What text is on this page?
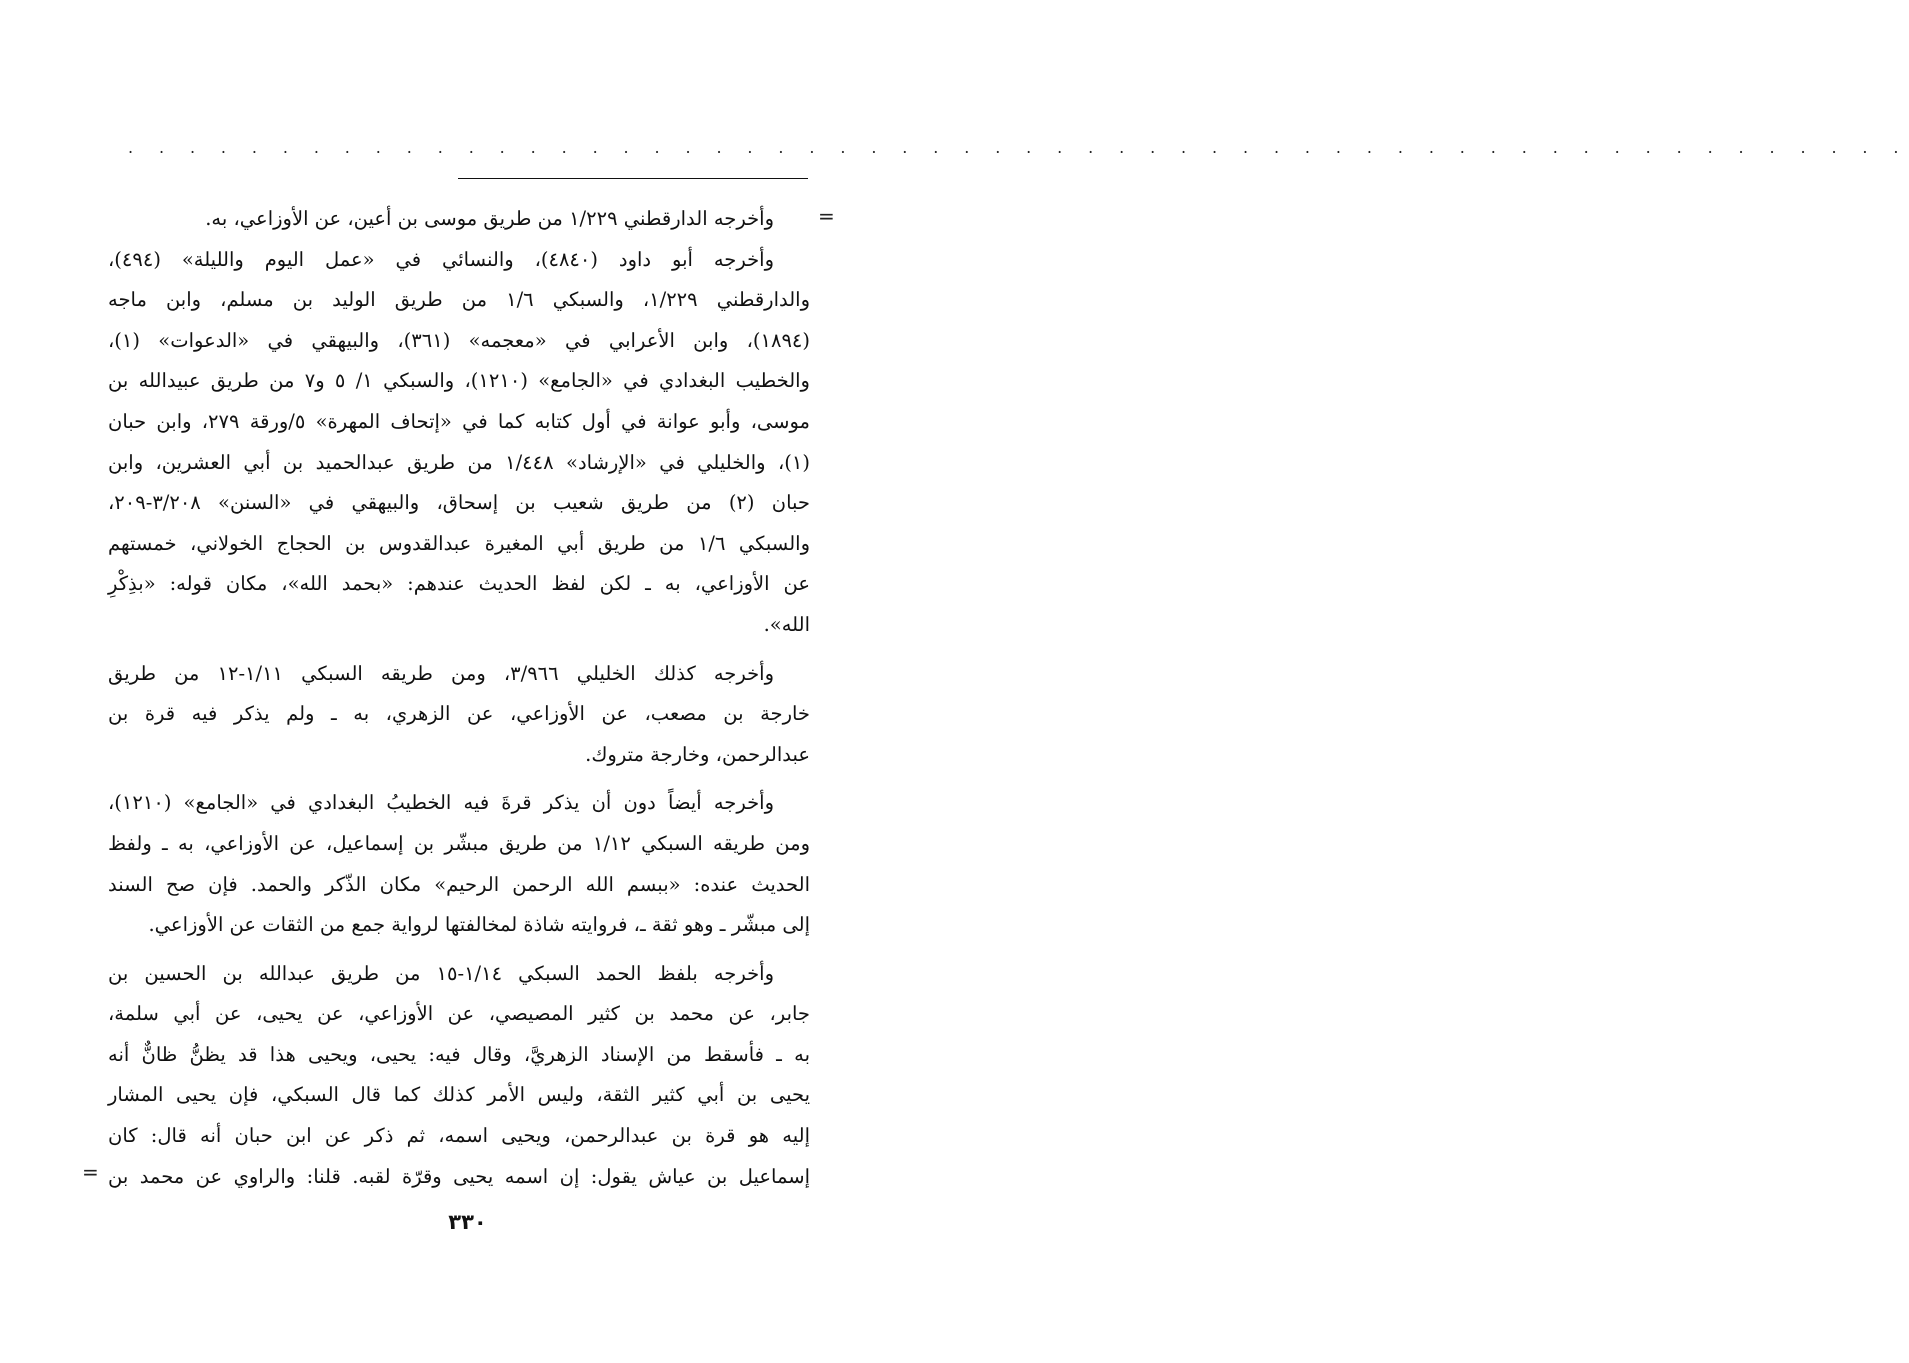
. . . . . . . . . . . . . . . . . . . . . . . . . . . . . . . . . . . . . . . . . . . . . . . . . . . . . . . . . .
=
وأخرجه الدارقطني ١/٢٢٩ من طريق موسى بن أعين، عن الأوزاعي، به.
وأخرجه أبو داود (٤٨٤٠)، والنسائي في «عمل اليوم والليلة» (٤٩٤)،
والدارقطني ١/٢٢٩، والسبكي ١/٦ من طريق الوليد بن مسلم، وابن ماجه
(١٨٩٤)، وابن الأعرابي في «معجمه» (٣٦١)، والبيهقي في «الدعوات» (١)،
والخطيب البغدادي في «الجامع» (١٢١٠)، والسبكي ١/ ٥ و٧ من طريق عبيدالله بن
موسى، وأبو عوانة في أول كتابه كما في «إتحاف المهرة» ٥/ورقة ٢٧٩، وابن حبان
(١)، والخليلي في «الإرشاد» ١/٤٤٨ من طريق عبدالحميد بن أبي العشرين، وابن
حبان (٢) من طريق شعيب بن إسحاق، والبيهقي في «السنن» ٣/٢٠٨-٢٠٩،
والسبكي ١/٦ من طريق أبي المغيرة عبدالقدوس بن الحجاج الخولاني، خمستهم
عن الأوزاعي، به ـ لكن لفظ الحديث عندهم: «بحمد الله»، مكان قوله: «بذِكْرِ
الله».
وأخرجه كذلك الخليلي ٣/٩٦٦، ومن طريقه السبكي ١/١١-١٢ من طريق
خارجة بن مصعب، عن الأوزاعي، عن الزهري، به ـ ولم يذكر فيه قرة بن
عبدالرحمن، وخارجة متروك.
وأخرجه أيضاً دون أن يذكر قرةَ فيه الخطيبُ البغدادي في «الجامع» (١٢١٠)،
ومن طريقه السبكي ١/١٢ من طريق مبشّر بن إسماعيل، عن الأوزاعي، به ـ ولفظ
الحديث عنده: «ببسم الله الرحمن الرحيم» مكان الذّكر والحمد. فإن صح السند
إلى مبشّر ـ وهو ثقة ـ، فروايته شاذة لمخالفتها لرواية جمع من الثقات عن الأوزاعي.
وأخرجه بلفظ الحمد السبكي ١/١٤-١٥ من طريق عبدالله بن الحسين بن
جابر، عن محمد بن كثير المصيصي، عن الأوزاعي، عن يحيى، عن أبي سلمة،
به ـ فأسقط من الإسناد الزهريَّ، وقال فيه: يحيى، ويحيى هذا قد يظنُّ ظانٌّ أنه
يحيى بن أبي كثير الثقة، وليس الأمر كذلك كما قال السبكي، فإن يحيى المشار
إليه هو قرة بن عبدالرحمن، ويحيى اسمه، ثم ذكر عن ابن حبان أنه قال: كان
إسماعيل بن عياش يقول: إن اسمه يحيى وقرّة لقبه. قلنا: والراوي عن محمد بن
=
٣٣٠
